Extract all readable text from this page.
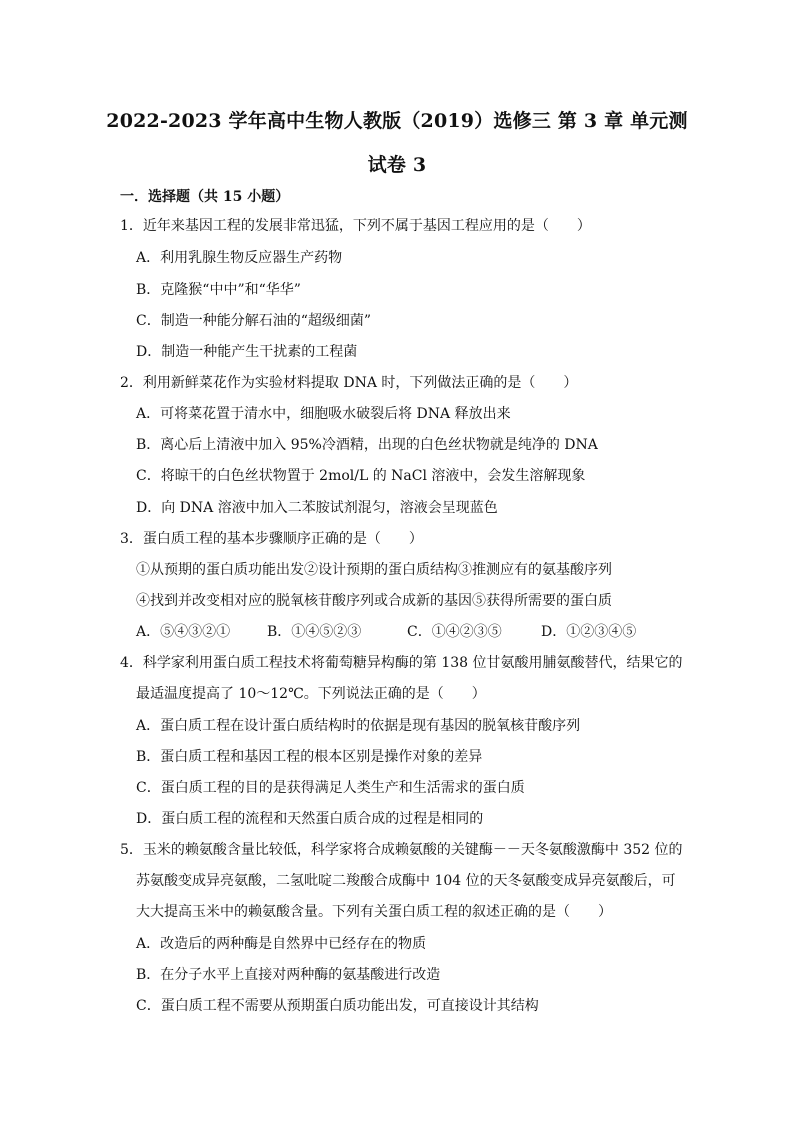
2022-2023 学年高中生物人教版（2019）选修三 第 3 章 单元测
试卷 3
一．选择题（共 15 小题）
1．近年来基因工程的发展非常迅猛，下列不属于基因工程应用的是（　　）
A．利用乳腺生物反应器生产药物
B．克隆猴“中中”和“华华”
C．制造一种能分解石油的“超级细菌”
D．制造一种能产生干扰素的工程菌
2．利用新鲜菜花作为实验材料提取 DNA 时，下列做法正确的是（　　）
A．可将菜花置于清水中，细胞吸水破裂后将 DNA 释放出来
B．离心后上清液中加入 95%冷酒精，出现的白色丝状物就是纯净的 DNA
C．将晾干的白色丝状物置于 2mol/L 的 NaCl 溶液中，会发生溶解现象
D．向 DNA 溶液中加入二苯胺试剂混匀，溶液会呈现蓝色
3．蛋白质工程的基本步骤顺序正确的是（　　）
①从预期的蛋白质功能出发②设计预期的蛋白质结构③推测应有的氨基酸序列
④找到并改变相对应的脱氧核苷酸序列或合成新的基因⑤获得所需要的蛋白质
A．⑤④③②①	B．①④⑤②③	C．①④②③⑤	D．①②③④⑤
4．科学家利用蛋白质工程技术将葡萄糖异构酶的第 138 位甘氨酸用脯氨酸替代，结果它的
最适温度提高了 10～12℃。下列说法正确的是（　　）
A．蛋白质工程在设计蛋白质结构时的依据是现有基因的脱氧核苷酸序列
B．蛋白质工程和基因工程的根本区别是操作对象的差异
C．蛋白质工程的目的是获得满足人类生产和生活需求的蛋白质
D．蛋白质工程的流程和天然蛋白质合成的过程是相同的
5．玉米的赖氨酸含量比较低，科学家将合成赖氨酸的关键酶－－天冬氨酸激酶中 352 位的
苏氨酸变成异亮氨酸，二氢吡啶二羧酸合成酶中 104 位的天冬氨酸变成异亮氨酸后，可
大大提高玉米中的赖氨酸含量。下列有关蛋白质工程的叙述正确的是（　　）
A．改造后的两种酶是自然界中已经存在的物质
B．在分子水平上直接对两种酶的氨基酸进行改造
C．蛋白质工程不需要从预期蛋白质功能出发，可直接设计其结构
